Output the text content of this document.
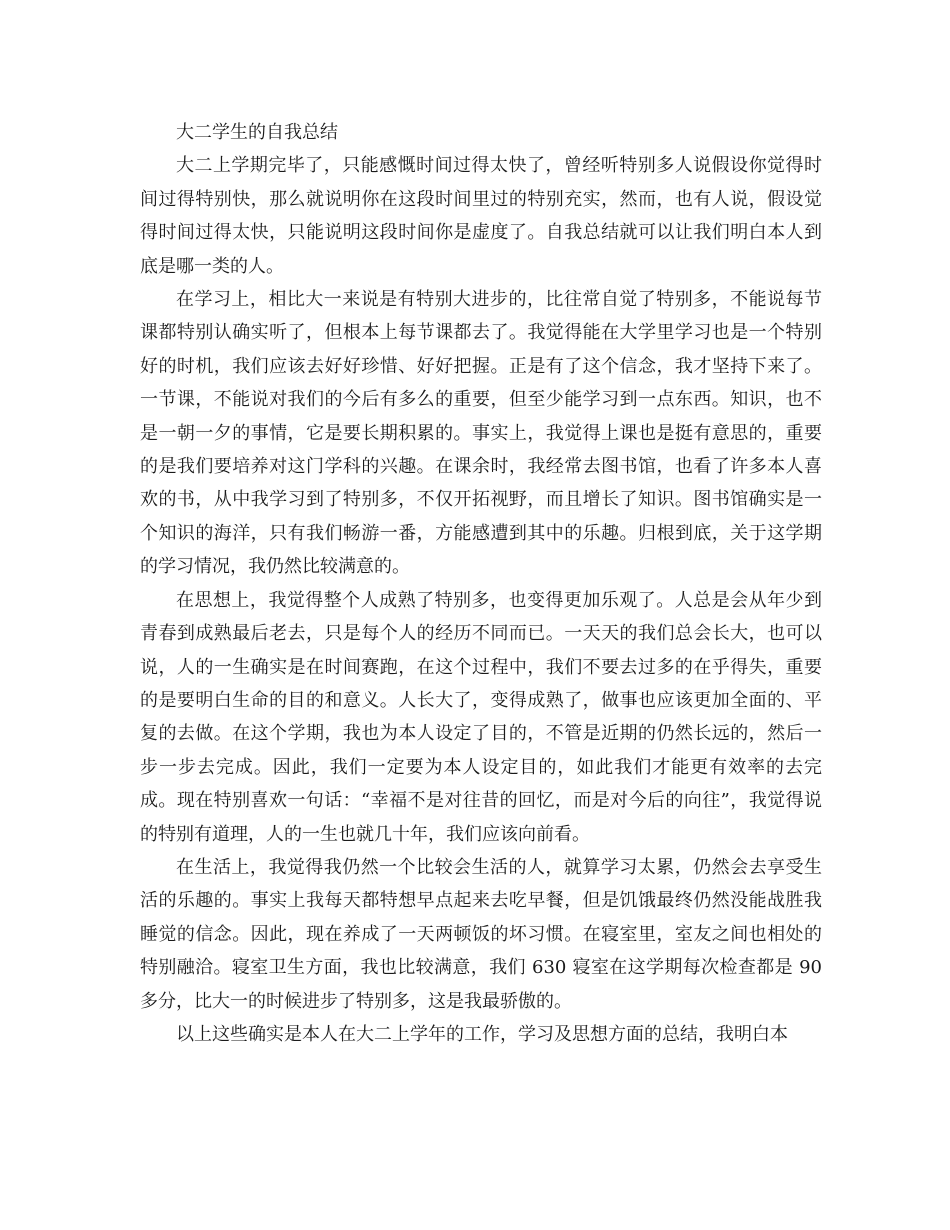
大二学生的自我总结

大二上学期完毕了，只能感慨时间过得太快了，曾经听特别多人说假设你觉得时间过得特别快，那么就说明你在这段时间里过的特别充实，然而，也有人说，假设觉得时间过得太快，只能说明这段时间你是虚度了。自我总结就可以让我们明白本人到底是哪一类的人。

在学习上，相比大一来说是有特别大进步的，比往常自觉了特别多，不能说每节课都特别认确实听了，但根本上每节课都去了。我觉得能在大学里学习也是一个特别好的时机，我们应该去好好珍惜、好好把握。正是有了这个信念，我才坚持下来了。一节课，不能说对我们的今后有多么的重要，但至少能学习到一点东西。知识，也不是一朝一夕的事情，它是要长期积累的。事实上，我觉得上课也是挺有意思的，重要的是我们要培养对这门学科的兴趣。在课余时，我经常去图书馆，也看了许多本人喜欢的书，从中我学习到了特别多，不仅开拓视野，而且增长了知识。图书馆确实是一个知识的海洋，只有我们畅游一番，方能感遭到其中的乐趣。归根到底，关于这学期的学习情况，我仍然比较满意的。

在思想上，我觉得整个人成熟了特别多，也变得更加乐观了。人总是会从年少到青春到成熟最后老去，只是每个人的经历不同而已。一天天的我们总会长大，也可以说，人的一生确实是在时间赛跑，在这个过程中，我们不要去过多的在乎得失，重要的是要明白生命的目的和意义。人长大了，变得成熟了，做事也应该更加全面的、平复的去做。在这个学期，我也为本人设定了目的，不管是近期的仍然长远的，然后一步一步去完成。因此，我们一定要为本人设定目的，如此我们才能更有效率的去完成。现在特别喜欢一句话：“幸福不是对往昔的回忆，而是对今后的向往”，我觉得说的特别有道理，人的一生也就几十年，我们应该向前看。

在生活上，我觉得我仍然一个比较会生活的人，就算学习太累，仍然会去享受生活的乐趣的。事实上我每天都特想早点起来去吃早餐，但是饥饿最终仍然没能战胜我睡觉的信念。因此，现在养成了一天两顿饭的坏习惯。在寝室里，室友之间也相处的特别融洽。寝室卫生方面，我也比较满意，我们 630 寝室在这学期每次检查都是 90 多分，比大一的时候进步了特别多，这是我最骄傲的。

以上这些确实是本人在大二上学年的工作，学习及思想方面的总结，我明白本
